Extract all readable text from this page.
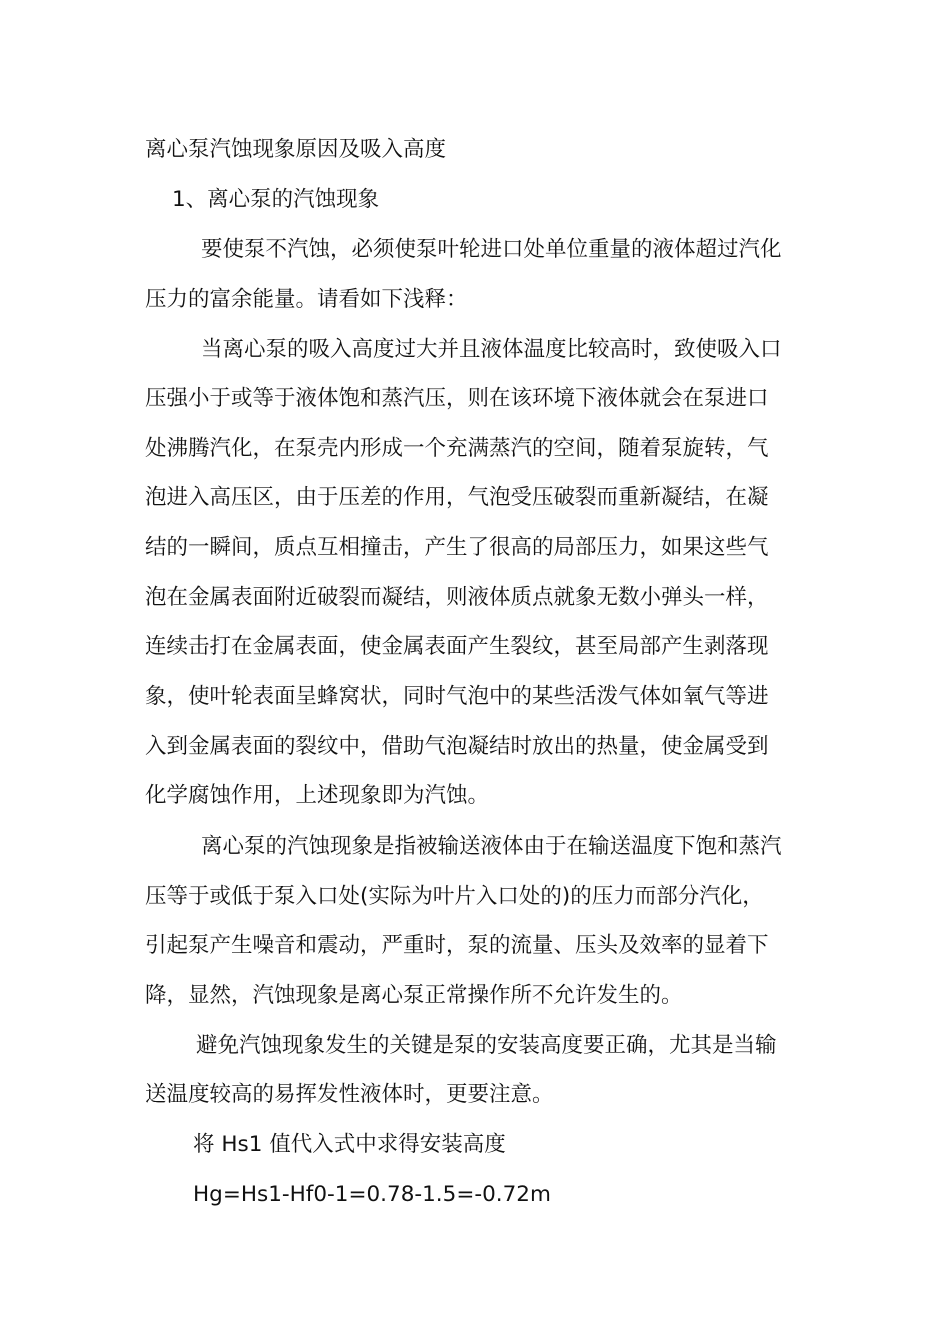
离心泵汽蚀现象原因及吸入高度
1、离心泵的汽蚀现象
要使泵不汽蚀，必须使泵叶轮进口处单位重量的液体超过汽化
压力的富余能量。请看如下浅释：
当离心泵的吸入高度过大并且液体温度比较高时，致使吸入口
压强小于或等于液体饱和蒸汽压，则在该环境下液体就会在泵进口
处沸腾汽化，在泵壳内形成一个充满蒸汽的空间，随着泵旋转，气
泡进入高压区，由于压差的作用，气泡受压破裂而重新凝结，在凝
结的一瞬间，质点互相撞击，产生了很高的局部压力，如果这些气
泡在金属表面附近破裂而凝结，则液体质点就象无数小弹头一样，
连续击打在金属表面，使金属表面产生裂纹，甚至局部产生剥落现
象，使叶轮表面呈蜂窝状，同时气泡中的某些活泼气体如氧气等进
入到金属表面的裂纹中，借助气泡凝结时放出的热量，使金属受到
化学腐蚀作用，上述现象即为汽蚀。
离心泵的汽蚀现象是指被输送液体由于在输送温度下饱和蒸汽
压等于或低于泵入口处(实际为叶片入口处的)的压力而部分汽化，
引起泵产生噪音和震动，严重时，泵的流量、压头及效率的显着下
降，显然，汽蚀现象是离心泵正常操作所不允许发生的。
避免汽蚀现象发生的关键是泵的安装高度要正确，尤其是当输
送温度较高的易挥发性液体时，更要注意。
将 Hs1 值代入式中求得安装高度
Hg=Hs1-Hf0-1=0.78-1.5=-0.72m
